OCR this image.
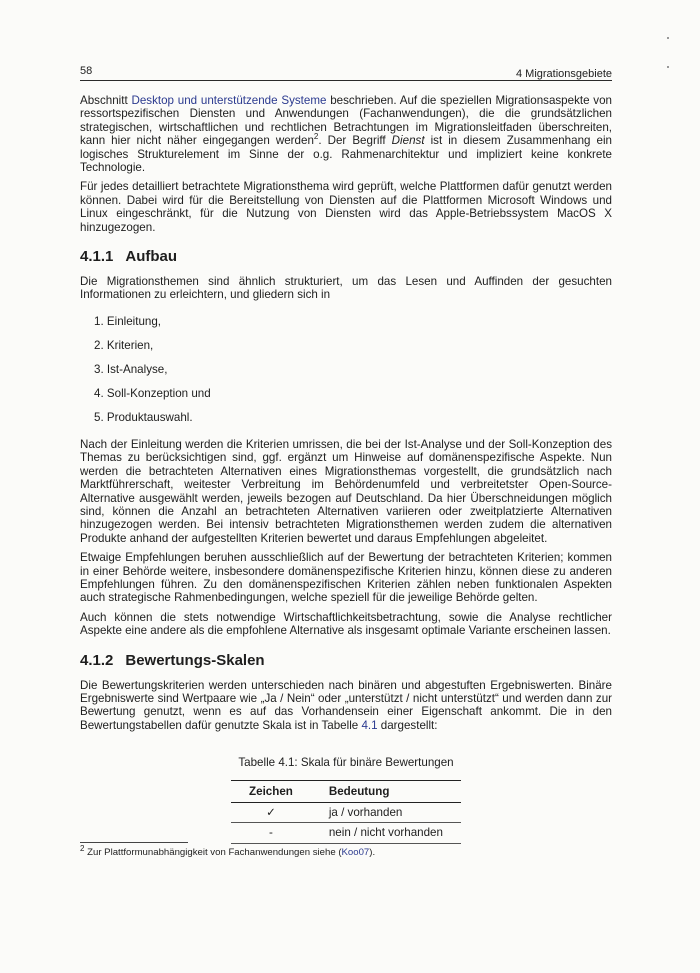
58	4 Migrationsgebiete

Abschnitt Desktop und unterstützende Systeme beschrieben. Auf die speziellen Migrationsaspekte von ressortspezifischen Diensten und Anwendungen (Fachanwendungen), die die grundsätzlichen strategischen, wirtschaftlichen und rechtlichen Betrachtungen im Migrationsleitfaden überschreiten, kann hier nicht näher eingegangen werden$^2$. Der Begriff Dienst ist in diesem Zusammenhang ein logisches Strukturelement im Sinne der o.g. Rahmenarchitektur und impliziert keine konkrete Technologie.

Für jedes detailliert betrachtete Migrationsthema wird geprüft, welche Plattformen dafür genutzt werden können. Dabei wird für die Bereitstellung von Diensten auf die Plattformen Microsoft Windows und Linux eingeschränkt, für die Nutzung von Diensten wird das Apple-Betriebssystem MacOS X hinzugezogen.

4.1.1 Aufbau

Die Migrationsthemen sind ähnlich strukturiert, um das Lesen und Auffinden der gesuchten Informationen zu erleichtern, und gliedern sich in

1. Einleitung,
2. Kriterien,
3. Ist-Analyse,
4. Soll-Konzeption und
5. Produktauswahl.

Nach der Einleitung werden die Kriterien umrissen, die bei der Ist-Analyse und der Soll-Konzeption des Themas zu berücksichtigen sind, ggf. ergänzt um Hinweise auf domänenspezifische Aspekte. Nun werden die betrachteten Alternativen eines Migrationsthemas vorgestellt, die grundsätzlich nach Marktführerschaft, weitester Verbreitung im Behördenumfeld und verbreitetster Open-Source-Alternative ausgewählt werden, jeweils bezogen auf Deutschland. Da hier Überschneidungen möglich sind, können die Anzahl an betrachteten Alternativen variieren oder zweitplatzierte Alternativen hinzugezogen werden. Bei intensiv betrachteten Migrationsthemen werden zudem die alternativen Produkte anhand der aufgestellten Kriterien bewertet und daraus Empfehlungen abgeleitet.

Etwaige Empfehlungen beruhen ausschließlich auf der Bewertung der betrachteten Kriterien; kommen in einer Behörde weitere, insbesondere domänenspezifische Kriterien hinzu, können diese zu anderen Empfehlungen führen. Zu den domänenspezifischen Kriterien zählen neben funktionalen Aspekten auch strategische Rahmenbedingungen, welche speziell für die jeweilige Behörde gelten.

Auch können die stets notwendige Wirtschaftlichkeitsbetrachtung, sowie die Analyse rechtlicher Aspekte eine andere als die empfohlene Alternative als insgesamt optimale Variante erscheinen lassen.

4.1.2 Bewertungs-Skalen

Die Bewertungskriterien werden unterschieden nach binären und abgestuften Ergebniswerten. Binäre Ergebniswerte sind Wertpaare wie „Ja / Nein“ oder „unterstützt / nicht unterstützt“ und werden dann zur Bewertung genutzt, wenn es auf das Vorhandensein einer Eigenschaft ankommt. Die in den Bewertungstabellen dafür genutzte Skala ist in Tabelle 4.1 dargestellt:

Tabelle 4.1: Skala für binäre Bewertungen
Zeichen	Bedeutung
✓	ja / vorhanden
-	nein / nicht vorhanden
$^2$ Zur Plattformunabhängigkeit von Fachanwendungen siehe (Koo07).
